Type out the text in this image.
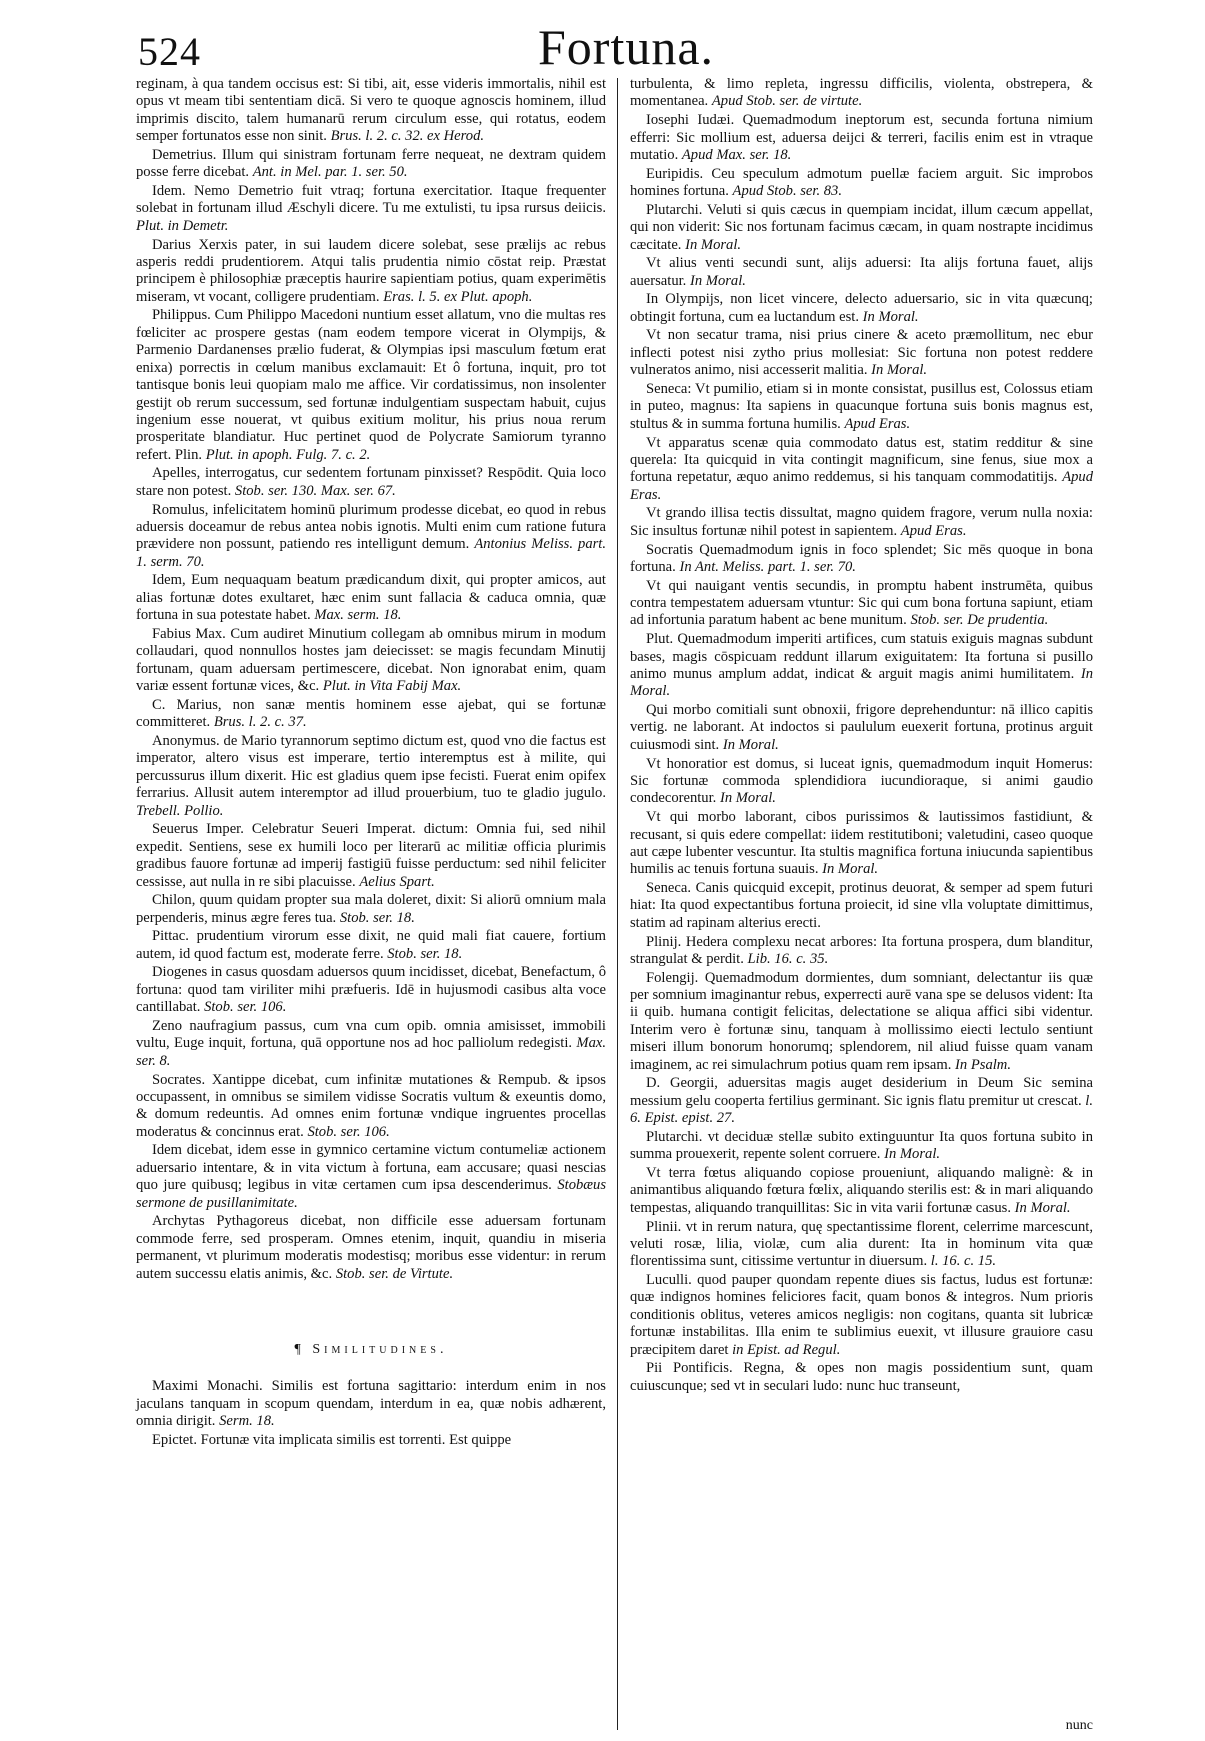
524	Fortuna.

reginam, à qua tandem occisus est: Si tibi, ait, esse videris immortalis, nihil est opus vt meam tibi sententiam dicā. Si vero te quoque agnoscis hominem, illud imprimis discito, talem humanarū rerum circulum esse, qui rotatus, eodem semper fortunatos esse non sinit. Brus. l. 2. c. 32. ex Herod.

Demetrius. Illum qui sinistram fortunam ferre nequeat, ne dextram quidem posse ferre dicebat. Ant. in Mel. par. 1. ser. 50.

Idem. Nemo Demetrio fuit vtraq; fortuna exercitatior. Itaque frequenter solebat in fortunam illud Æschyli dicere. Tu me extulisti, tu ipsa rursus deiicis. Plut. in Demetr.

Darius Xerxis pater, in sui laudem dicere solebat, sese prælijs ac rebus asperis reddi prudentiorem. Atqui talis prudentia nimio cōstat reip. Præstat principem è philosophiæ præceptis haurire sapientiam potius, quam experimētis miseram, vt vocant, colligere prudentiam. Eras. l. 5. ex Plut. apoph.

Philippus. Cum Philippo Macedoni nuntium esset allatum, vno die multas res fœliciter ac prospere gestas (nam eodem tempore vicerat in Olympijs, & Parmenio Dardanenses prælio fuderat, & Olympias ipsi masculum fœtum erat enixa) porrectis in cœlum manibus exclamauit: Et ô fortuna, inquit, pro tot tantisque bonis leui quopiam malo me affice. Vir cordatissimus, non insolenter gestijt ob rerum successum, sed fortunæ indulgentiam suspectam habuit, cujus ingenium esse nouerat, vt quibus exitium molitur, his prius noua rerum prosperitate blandiatur. Huc pertinet quod de Polycrate Samiorum tyranno refert. Plin. Plut. in apoph. Fulg. 7. c. 2.

Apelles, interrogatus, cur sedentem fortunam pinxisset? Respōdit. Quia loco stare non potest. Stob. ser. 130. Max. ser. 67.

Romulus, infelicitatem hominū plurimum prodesse dicebat, eo quod in rebus aduersis doceamur de rebus antea nobis ignotis. Multi enim cum ratione futura prævidere non possunt, patiendo res intelligunt demum. Antonius Meliss. part. 1. serm. 70.

Idem, Eum nequaquam beatum prædicandum dixit, qui propter amicos, aut alias fortunæ dotes exultaret, hæc enim sunt fallacia & caduca omnia, quæ fortuna in sua potestate habet. Max. serm. 18.

Fabius Max. Cum audiret Minutium collegam ab omnibus mirum in modum collaudari, quod nonnullos hostes jam deiecisset: se magis fecundam Minutij fortunam, quam aduersam pertimescere, dicebat. Non ignorabat enim, quam variæ essent fortunæ vices, &c. Plut. in Vita Fabij Max.

C. Marius, non sanæ mentis hominem esse ajebat, qui se fortunæ committeret. Brus. l. 2. c. 37.

Anonymus. de Mario tyrannorum septimo dictum est, quod vno die factus est imperator, altero visus est imperare, tertio interemptus est à milite, qui percussurus illum dixerit. Hic est gladius quem ipse fecisti. Fuerat enim opifex ferrarius. Allusit autem interemptor ad illud prouerbium, tuo te gladio jugulo. Trebell. Pollio.

Seuerus Imper. Celebratur Seueri Imperat. dictum: Omnia fui, sed nihil expedit. Sentiens, sese ex humili loco per literarū ac militiæ officia plurimis gradibus fauore fortunæ ad imperij fastigiū fuisse perductum: sed nihil feliciter cessisse, aut nulla in re sibi placuisse. Aelius Spart.

Chilon, quum quidam propter sua mala doleret, dixit: Si aliorū omnium mala perpenderis, minus ægre feres tua. Stob. ser. 18.

Pittac. prudentium virorum esse dixit, ne quid mali fiat cauere, fortium autem, id quod factum est, moderate ferre. Stob. ser. 18.

Diogenes in casus quosdam aduersos quum incidisset, dicebat, Benefactum, ô fortuna: quod tam viriliter mihi præfueris. Idē in hujusmodi casibus alta voce cantillabat. Stob. ser. 106.

Zeno naufragium passus, cum vna cum opib. omnia amisisset, immobili vultu, Euge inquit, fortuna, quā opportune nos ad hoc palliolum redegisti. Max. ser. 8.

Socrates. Xantippe dicebat, cum infinitæ mutationes & Rempub. & ipsos occupassent, in omnibus se similem vidisse Socratis vultum & exeuntis domo, & domum redeuntis. Ad omnes enim fortunæ vndique ingruentes procellas moderatus & concinnus erat. Stob. ser. 106.

Idem dicebat, idem esse in gymnico certamine victum contumeliæ actionem aduersario intentare, & in vita victum à fortuna, eam accusare; quasi nescias quo jure quibusq; legibus in vitæ certamen cum ipsa descenderimus. Stobæus sermone de pusillanimitate.

Archytas Pythagoreus dicebat, non difficile esse aduersam fortunam commode ferre, sed prosperam. Omnes etenim, inquit, quandiu in miseria permanent, vt plurimum moderatis modestisq; moribus esse videntur: in rerum autem successu elatis animis, &c. Stob. ser. de Virtute.

¶ Similitudines.

Maximi Monachi. Similis est fortuna sagittario: interdum enim in nos jaculans tanquam in scopum quendam, interdum in ea, quæ nobis adhærent, omnia dirigit. Serm. 18.

Epictet. Fortunæ vita implicata similis est torrenti. Est quippe

turbulenta, & limo repleta, ingressu difficilis, violenta, obstrepera, & momentanea. Apud Stob. ser. de virtute.

Iosephi Iudæi. Quemadmodum ineptorum est, secunda fortuna nimium efferri: Sic mollium est, aduersa deijci & terreri, facilis enim est in vtraque mutatio. Apud Max. ser. 18.

Euripidis. Ceu speculum admotum puellæ faciem arguit. Sic improbos homines fortuna. Apud Stob. ser. 83.

Plutarchi. Veluti si quis cæcus in quempiam incidat, illum cæcum appellat, qui non viderit: Sic nos fortunam facimus cæcam, in quam nostrapte incidimus cæcitate. In Moral.

Vt alius venti secundi sunt, alijs aduersi: Ita alijs fortuna fauet, alijs auersatur. In Moral.

In Olympijs, non licet vincere, delecto aduersario, sic in vita quæcunq; obtingit fortuna, cum ea luctandum est. In Moral.

Vt non secatur trama, nisi prius cinere & aceto præmollitum, nec ebur inflecti potest nisi zytho prius mollesiat: Sic fortuna non potest reddere vulneratos animo, nisi accesserit malitia. In Moral.

Seneca: Vt pumilio, etiam si in monte consistat, pusillus est, Colossus etiam in puteo, magnus: Ita sapiens in quacunque fortuna suis bonis magnus est, stultus & in summa fortuna humilis. Apud Eras.

Vt apparatus scenæ quia commodato datus est, statim redditur & sine querela: Ita quicquid in vita contingit magnificum, sine fenus, siue mox a fortuna repetatur, æquo animo reddemus, si his tanquam commodatitijs. Apud Eras.

Vt grando illisa tectis dissultat, magno quidem fragore, verum nulla noxia: Sic insultus fortunæ nihil potest in sapientem. Apud Eras.

Socratis Quemadmodum ignis in foco splendet; Sic mēs quoque in bona fortuna. In Ant. Meliss. part. 1. ser. 70.

Vt qui nauigant ventis secundis, in promptu habent instrumēta, quibus contra tempestatem aduersam vtuntur: Sic qui cum bona fortuna sapiunt, etiam ad infortunia paratum habent ac bene munitum. Stob. ser. De prudentia.

Plut. Quemadmodum imperiti artifices, cum statuis exiguis magnas subdunt bases, magis cōspicuam reddunt illarum exiguitatem: Ita fortuna si pusillo animo munus amplum addat, indicat & arguit magis animi humilitatem. In Moral.

Qui morbo comitiali sunt obnoxii, frigore deprehenduntur: nā illico capitis vertig. ne laborant. At indoctos si paululum euexerit fortuna, protinus arguit cuiusmodi sint. In Moral.

Vt honoratior est domus, si luceat ignis, quemadmodum inquit Homerus: Sic fortunæ commoda splendidiora iucundioraque, si animi gaudio condecorentur. In Moral.

Vt qui morbo laborant, cibos purissimos & lautissimos fastidiunt, & recusant, si quis edere compellat: iidem restitutiboni; valetudini, caseo quoque aut cæpe lubenter vescuntur. Ita stultis magnifica fortuna iniucunda sapientibus humilis ac tenuis fortuna suauis. In Moral.

Seneca. Canis quicquid excepit, protinus deuorat, & semper ad spem futuri hiat: Ita quod expectantibus fortuna proiecit, id sine vlla voluptate dimittimus, statim ad rapinam alterius erecti.

Plinij. Hedera complexu necat arbores: Ita fortuna prospera, dum blanditur, strangulat & perdit. Lib. 16. c. 35.

Folengij. Quemadmodum dormientes, dum somniant, delectantur iis quæ per somnium imaginantur rebus, experrecti aurē vana spe se delusos vident: Ita ii quib. humana contigit felicitas, delectatione se aliqua affici sibi videntur. Interim vero è fortunæ sinu, tanquam à mollissimo eiecti lectulo sentiunt miseri illum bonorum honorumq; splendorem, nil aliud fuisse quam vanam imaginem, ac rei simulachrum potius quam rem ipsam. In Psalm.

D. Georgii, aduersitas magis auget desiderium in Deum Sic semina messium gelu cooperta fertilius germinant. Sic ignis flatu premitur ut crescat. l. 6. Epist. epist. 27.

Plutarchi. vt deciduæ stellæ subito extinguuntur Ita quos fortuna subito in summa prouexerit, repente solent corruere. In Moral.

Vt terra fœtus aliquando copiose proueniunt, aliquando malignè: & in animantibus aliquando fœtura fœlix, aliquando sterilis est: & in mari aliquando tempestas, aliquando tranquillitas: Sic in vita varii fortunæ casus. In Moral.

Plinii. vt in rerum natura, quę spectantissime florent, celerrime marcescunt, veluti rosæ, lilia, violæ, cum alia durent: Ita in hominum vita quæ florentissima sunt, citissime vertuntur in diuersum. l. 16. c. 15.

Luculli. quod pauper quondam repente diues sis factus, ludus est fortunæ: quæ indignos homines feliciores facit, quam bonos & integros. Num prioris conditionis oblitus, veteres amicos negligis: non cogitans, quanta sit lubricæ fortunæ instabilitas. Illa enim te sublimius euexit, vt illusure grauiore casu præcipitem daret in Epist. ad Regul.

Pii Pontificis. Regna, & opes non magis possidentium sunt, quam cuiuscunque; sed vt in seculari ludo: nunc huc transeunt,

nunc
